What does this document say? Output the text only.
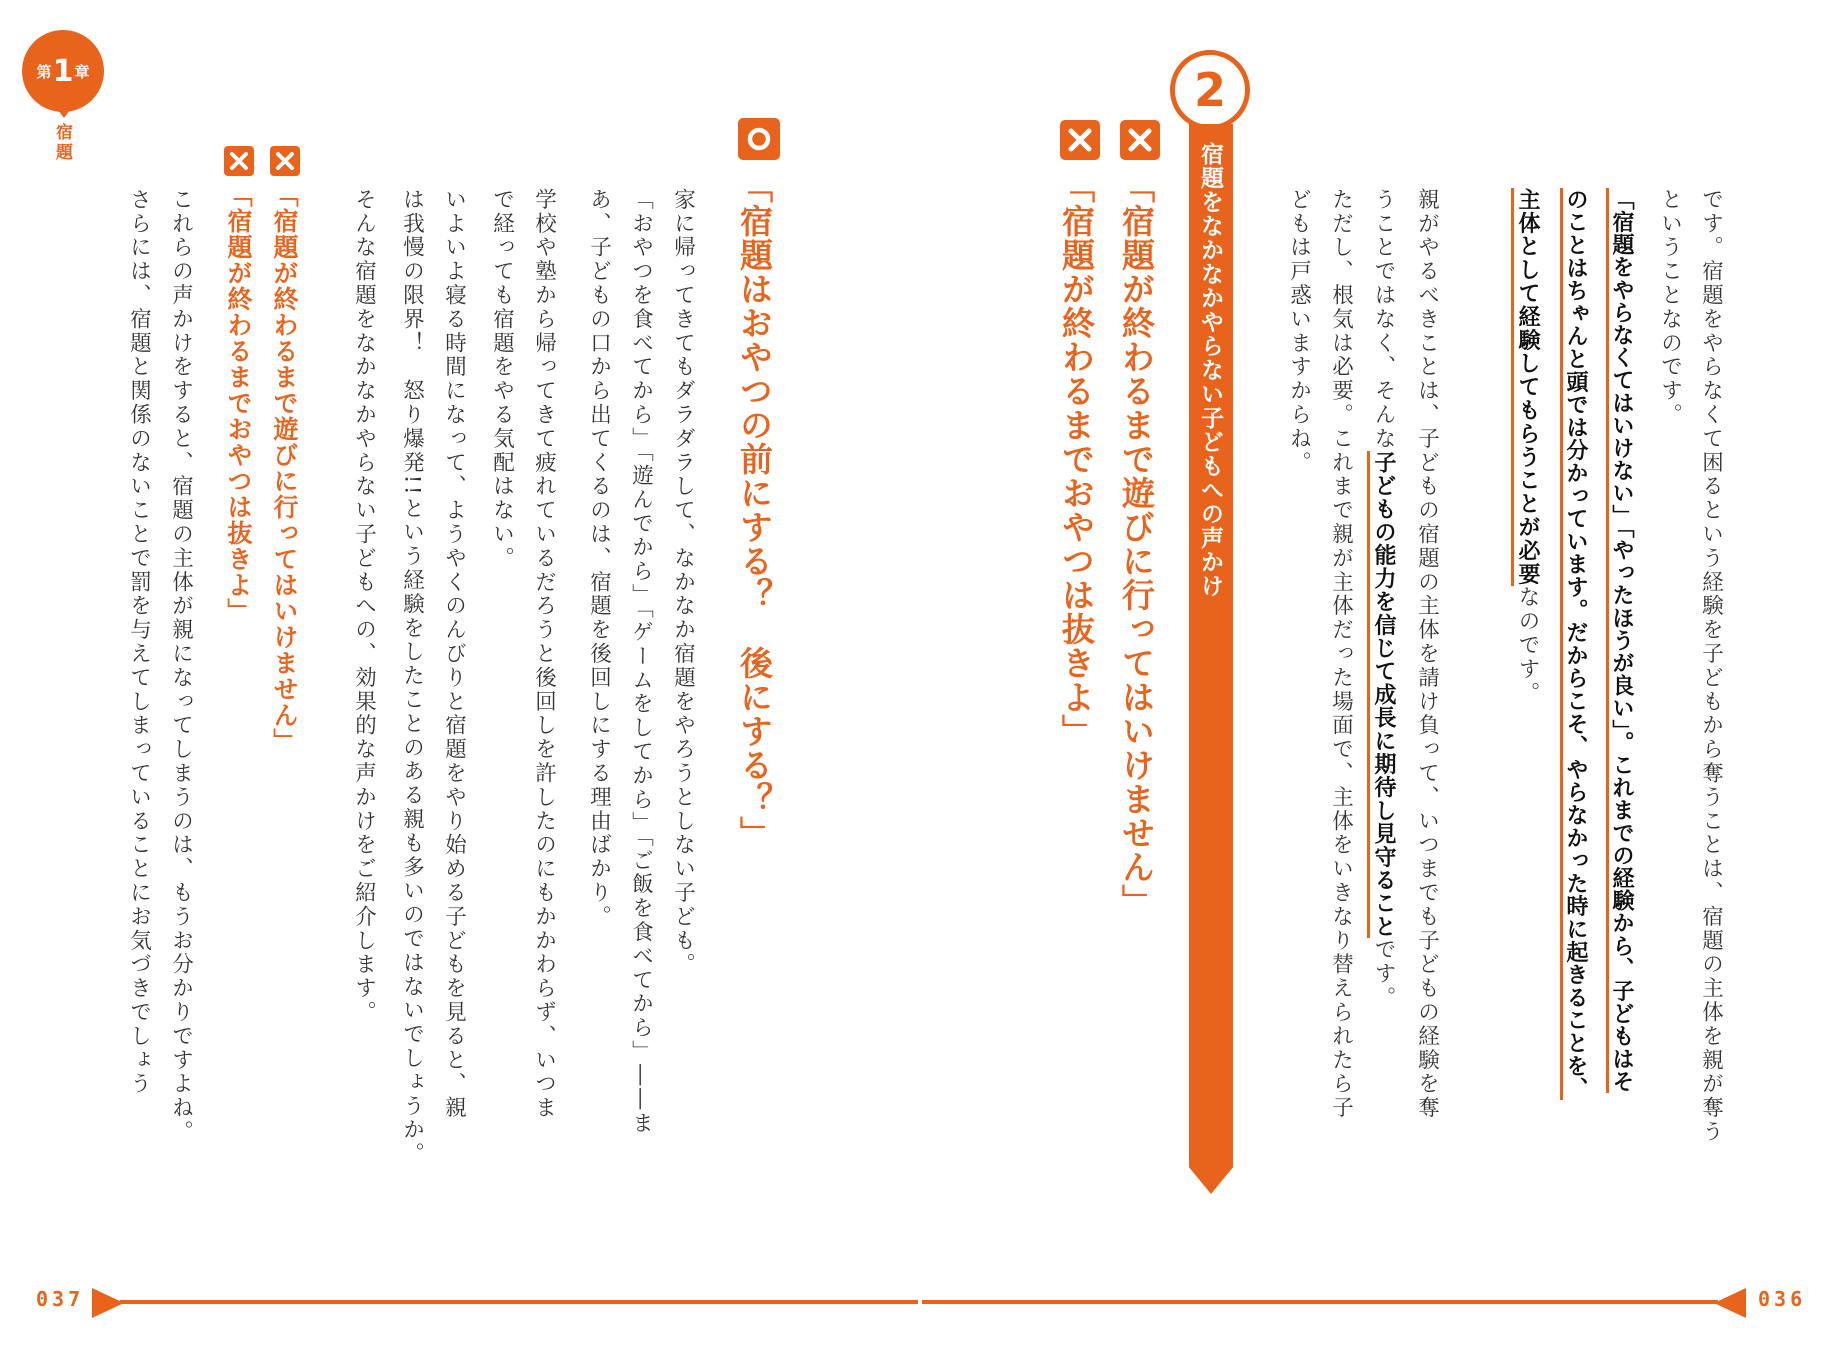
第 1 章
宿題
です。宿題をやらなくて困るという経験を子どもから奪うことは、宿題の主体を親が奪う
ということなのです。
「宿題をやらなくてはいけない」「やったほうが良い」。これまでの経験から、子どもはそ
のことはちゃんと頭では分かっています。だからこそ、やらなかった時に起きることを、
主体として経験してもらうことが必要なのです。
親がやるべきことは、子どもの宿題の主体を請け負って、いつまでも子どもの経験を奪
うことではなく、そんな子どもの能力を信じて成長に期待し見守ることです。
ただし、根気は必要。これまで親が主体だった場面で、主体をいきなり替えられたら子
どもは戸惑いますからね。
2
宿題をなかなかやらない子どもへの声かけ
「宿題が終わるまで遊びに行ってはいけません」
「宿題が終わるまでおやつは抜きよ」
「宿題はおやつの前にする？　後にする？」
家に帰ってきてもダラダラして、なかなか宿題をやろうとしない子ども。
「おやつを食べてから」「遊んでから」「ゲームをしてから」「ご飯を食べてから」――ま
あ、子どもの口から出てくるのは、宿題を後回しにする理由ばかり。
学校や塾から帰ってきて疲れているだろうと後回しを許したのにもかかわらず、いつま
で経っても宿題をやる気配はない。
いよいよ寝る時間になって、ようやくのんびりと宿題をやり始める子どもを見ると、親
は我慢の限界！　怒り爆発!!という経験をしたことのある親も多いのではないでしょうか。
そんな宿題をなかなかやらない子どもへの、効果的な声かけをご紹介します。
「宿題が終わるまで遊びに行ってはいけません」
「宿題が終わるまでおやつは抜きよ」
これらの声かけをすると、宿題の主体が親になってしまうのは、もうお分かりですよね。
さらには、宿題と関係のないことで罰を与えてしまっていることにお気づきでしょう
037	036
